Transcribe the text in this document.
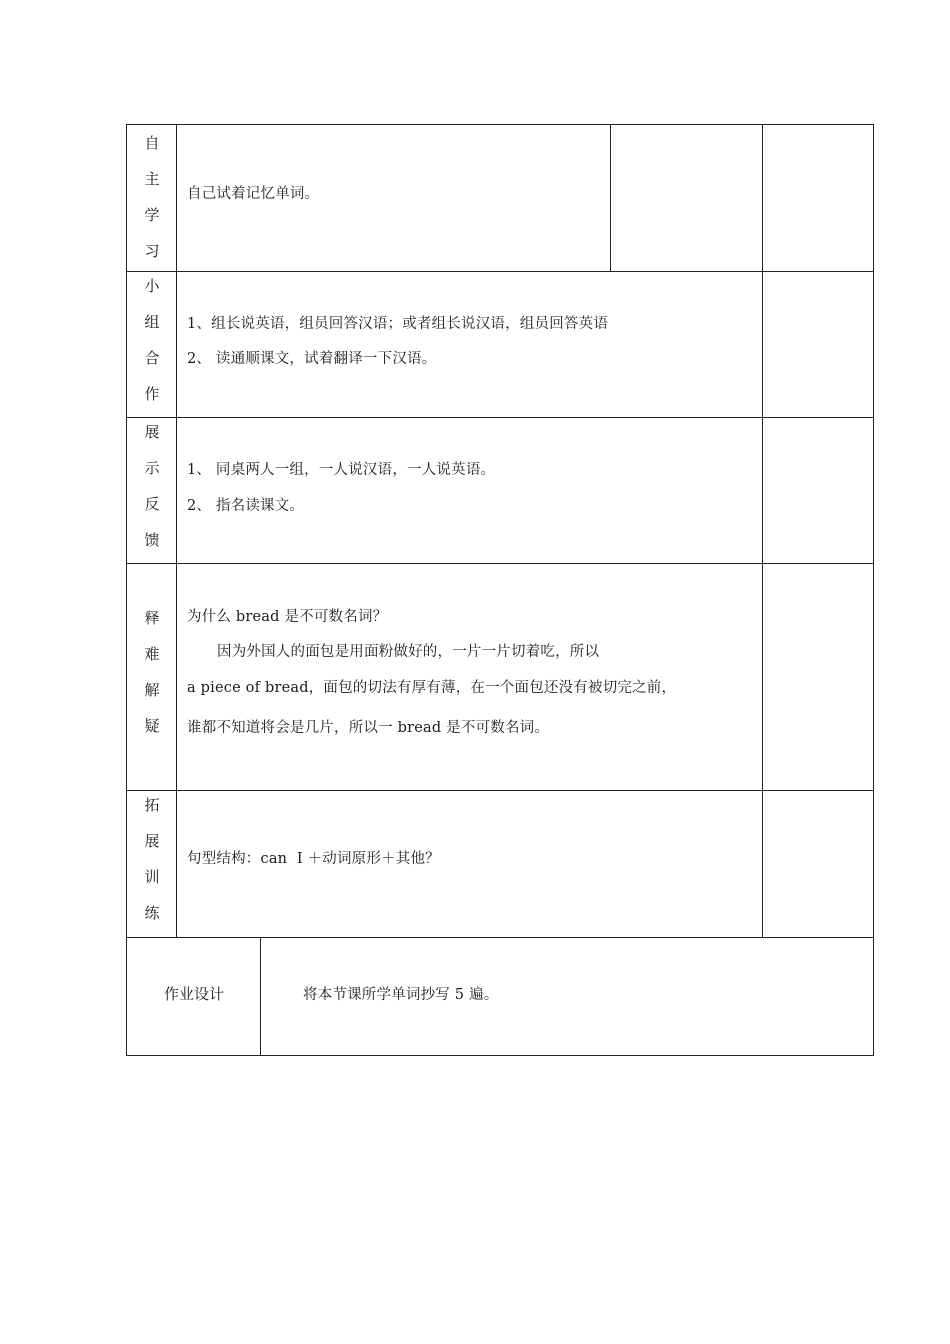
自
主
学
习
自己试着记忆单词。
小
组
合
作
1、组长说英语，组员回答汉语；或者组长说汉语，组员回答英语
2、 读通顺课文，试着翻译一下汉语。
展
示
反
馈
1、 同桌两人一组，一人说汉语，一人说英语。
2、 指名读课文。
释
难
解
疑
为什么 bread 是不可数名词？
因为外国人的面包是用面粉做好的，一片一片切着吃，所以
a piece of bread，面包的切法有厚有薄，在一个面包还没有被切完之前，
谁都不知道将会是几片，所以一 bread 是不可数名词。
拓
展
训
练
句型结构：can  I ＋动词原形＋其他？
作业设计	将本节课所学单词抄写 5 遍。
